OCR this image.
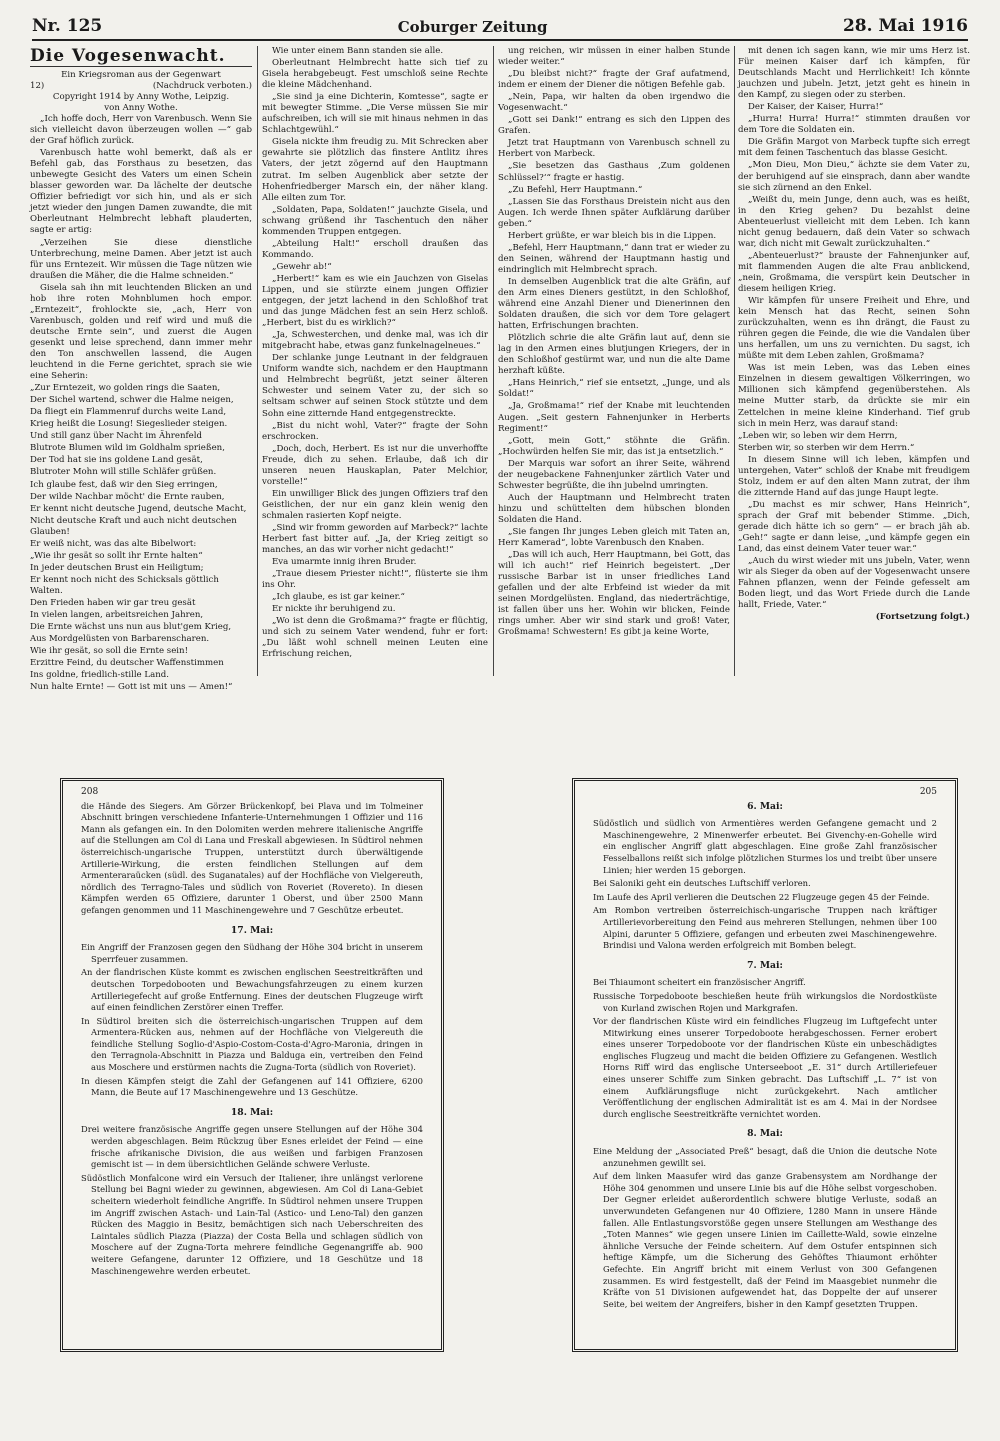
Nr. 125	Coburger Zeitung	28. Mai 1916
Die Vogesenwacht.
Ein Kriegsroman aus der Gegenwart
12)	(Nachdruck verboten.)
Copyright 1914 by Anny Wothe, Leipzig.
von Anny Wothe.

„Ich hoffe doch, Herr von Varenbusch. Wenn Sie sich vielleicht davon überzeugen wollen —“ gab der Graf höflich zurück.

Varenbusch hatte wohl bemerkt, daß als er Befehl gab, das Forsthaus zu besetzen, das unbewegte Gesicht des Vaters um einen Schein blasser geworden war. Da lächelte der deutsche Offizier befriedigt vor sich hin, und als er sich jetzt wieder den jungen Damen zuwandte, die mit Oberleutnant Helmbrecht lebhaft plauderten, sagte er artig:

„Verzeihen Sie diese dienstliche Unterbrechung, meine Damen. Aber jetzt ist auch für uns Erntezeit. Wir müssen die Tage nützen wie draußen die Mäher, die die Halme schneiden.“

Gisela sah ihn mit leuchtenden Blicken an und hob ihre roten Mohnblumen hoch empor. „Erntezeit“, frohlockte sie, „ach, Herr von Varenbusch, golden und reif wird und muß die deutsche Ernte sein“, und zuerst die Augen gesenkt und leise sprechend, dann immer mehr den Ton anschwellen lassend, die Augen leuchtend in die Ferne gerichtet, sprach sie wie eine Seherin:

„Zur Erntezeit, wo golden rings die Saaten,

Der Sichel wartend, schwer die Halme neigen,

Da fliegt ein Flammenruf durchs weite Land,

Krieg heißt die Losung! Siegeslieder steigen.

Und still ganz über Nacht im Ährenfeld

Blutrote Blumen wild im Goldhalm sprießen,

Der Tod hat sie ins goldene Land gesät,

Blutroter Mohn will stille Schläfer grüßen.

Ich glaube fest, daß wir den Sieg erringen,

Der wilde Nachbar möcht' die Ernte rauben,

Er kennt nicht deutsche Jugend, deutsche Macht,

Nicht deutsche Kraft und auch nicht deutschen Glauben!

Er weiß nicht, was das alte Bibelwort:

„Wie ihr gesät so sollt ihr Ernte halten“

In jeder deutschen Brust ein Heiligtum;

Er kennt noch nicht des Schicksals göttlich Walten.

Den Frieden haben wir gar treu gesät

In vielen langen, arbeitsreichen Jahren,

Die Ernte wächst uns nun aus blut'gem Krieg,

Aus Mordgelüsten von Barbarenscharen.

Wie ihr gesät, so soll die Ernte sein!

Erzittre Feind, du deutscher Waffenstimmen

Ins goldne, friedlich-stille Land.

Nun halte Ernte! — Gott ist mit uns — Amen!“

Wie unter einem Bann standen sie alle.

Oberleutnant Helmbrecht hatte sich tief zu Gisela herabgebeugt. Fest umschloß seine Rechte die kleine Mädchenhand.

„Sie sind ja eine Dichterin, Komtesse“, sagte er mit bewegter Stimme. „Die Verse müssen Sie mir aufschreiben, ich will sie mit hinaus nehmen in das Schlachtgewühl.“

Gisela nickte ihm freudig zu. Mit Schrecken aber gewahrte sie plötzlich das finstere Antlitz ihres Vaters, der jetzt zögernd auf den Hauptmann zutrat. Im selben Augenblick aber setzte der Hohenfriedberger Marsch ein, der näher klang. Alle eilten zum Tor.

„Soldaten, Papa, Soldaten!“ jauchzte Gisela, und schwang grüßend ihr Taschentuch den näher kommenden Truppen entgegen.

„Abteilung Halt!“ erscholl draußen das Kommando.

„Gewehr ab!“

„Herbert!“ kam es wie ein Jauchzen von Giselas Lippen, und sie stürzte einem jungen Offizier entgegen, der jetzt lachend in den Schloßhof trat und das junge Mädchen fest an sein Herz schloß. „Herbert, bist du es wirklich?“

„Ja, Schwesterchen, und denke mal, was ich dir mitgebracht habe, etwas ganz funkelnagelneues.“

Der schlanke junge Leutnant in der feldgrauen Uniform wandte sich, nachdem er den Hauptmann und Helmbrecht begrüßt, jetzt seiner älteren Schwester und seinem Vater zu, der sich so seltsam schwer auf seinen Stock stützte und dem Sohn eine zitternde Hand entgegenstreckte.

„Bist du nicht wohl, Vater?“ fragte der Sohn erschrocken.

„Doch, doch, Herbert. Es ist nur die unverhoffte Freude, dich zu sehen. Erlaube, daß ich dir unseren neuen Hauskaplan, Pater Melchior, vorstelle!“

Ein unwilliger Blick des jungen Offiziers traf den Geistlichen, der nur ein ganz klein wenig den schmalen rasierten Kopf neigte.

„Sind wir fromm geworden auf Marbeck?“ lachte Herbert fast bitter auf. „Ja, der Krieg zeitigt so manches, an das wir vorher nicht gedacht!“

Eva umarmte innig ihren Bruder.

„Traue diesem Priester nicht!“, flüsterte sie ihm ins Ohr.

„Ich glaube, es ist gar keiner.“

Er nickte ihr beruhigend zu.

„Wo ist denn die Großmama?“ fragte er flüchtig, und sich zu seinem Vater wendend, fuhr er fort: „Du läßt wohl schnell meinen Leuten eine Erfrischung reichen,

ung reichen, wir müssen in einer halben Stunde wieder weiter.“

„Du bleibst nicht?“ fragte der Graf aufatmend, indem er einem der Diener die nötigen Befehle gab.

„Nein, Papa, wir halten da oben irgendwo die Vogesenwacht.“

„Gott sei Dank!“ entrang es sich den Lippen des Grafen.

Jetzt trat Hauptmann von Varenbusch schnell zu Herbert von Marbeck.

„Sie besetzen das Gasthaus ‚Zum goldenen Schlüssel?‘“ fragte er hastig.

„Zu Befehl, Herr Hauptmann.“

„Lassen Sie das Forsthaus Dreistein nicht aus den Augen. Ich werde Ihnen später Aufklärung darüber geben.“

Herbert grüßte, er war bleich bis in die Lippen.

„Befehl, Herr Hauptmann,“ dann trat er wieder zu den Seinen, während der Hauptmann hastig und eindringlich mit Helmbrecht sprach.

In demselben Augenblick trat die alte Gräfin, auf den Arm eines Dieners gestützt, in den Schloßhof, während eine Anzahl Diener und Dienerinnen den Soldaten draußen, die sich vor dem Tore gelagert hatten, Erfrischungen brachten.

Plötzlich schrie die alte Gräfin laut auf, denn sie lag in den Armen eines blutjungen Kriegers, der in den Schloßhof gestürmt war, und nun die alte Dame herzhaft küßte.

„Hans Heinrich,“ rief sie entsetzt, „Junge, und als Soldat!“

„Ja, Großmama!“ rief der Knabe mit leuchtenden Augen. „Seit gestern Fahnenjunker in Herberts Regiment!“

„Gott, mein Gott,“ stöhnte die Gräfin. „Hochwürden helfen Sie mir, das ist ja entsetzlich.“

Der Marquis war sofort an ihrer Seite, während der neugebackene Fahnenjunker zärtlich Vater und Schwester begrüßte, die ihn jubelnd umringten.

Auch der Hauptmann und Helmbrecht traten hinzu und schüttelten dem hübschen blonden Soldaten die Hand.

„Sie fangen Ihr junges Leben gleich mit Taten an, Herr Kamerad“, lobte Varenbusch den Knaben.

„Das will ich auch, Herr Hauptmann, bei Gott, das will ich auch!“ rief Heinrich begeistert. „Der russische Barbar ist in unser friedliches Land gefallen und der alte Erbfeind ist wieder da mit seinen Mordgelüsten. England, das niederträchtige, ist fallen über uns her. Wohin wir blicken, Feinde rings umher. Aber wir sind stark und groß! Vater, Großmama! Schwestern! Es gibt ja keine Worte,

mit denen ich sagen kann, wie mir ums Herz ist. Für meinen Kaiser darf ich kämpfen, für Deutschlands Macht und Herrlichkeit! Ich könnte jauchzen und jubeln. Jetzt, jetzt geht es hinein in den Kampf, zu siegen oder zu sterben.

Der Kaiser, der Kaiser, Hurra!“

„Hurra! Hurra! Hurra!“ stimmten draußen vor dem Tore die Soldaten ein.

Die Gräfin Margot von Marbeck tupfte sich erregt mit dem feinen Taschentuch das blasse Gesicht.

„Mon Dieu, Mon Dieu,“ ächzte sie dem Vater zu, der beruhigend auf sie einsprach, dann aber wandte sie sich zürnend an den Enkel.

„Weißt du, mein Junge, denn auch, was es heißt, in den Krieg gehen? Du bezahlst deine Abenteuerlust vielleicht mit dem Leben. Ich kann nicht genug bedauern, daß dein Vater so schwach war, dich nicht mit Gewalt zurückzuhalten.“

„Abenteuerlust?“ brauste der Fahnenjunker auf, mit flammenden Augen die alte Frau anblickend, „nein, Großmama, die verspürt kein Deutscher in diesem heiligen Krieg.

Wir kämpfen für unsere Freiheit und Ehre, und kein Mensch hat das Recht, seinen Sohn zurückzuhalten, wenn es ihn drängt, die Faust zu rühren gegen die Feinde, die wie die Vandalen über uns herfallen, um uns zu vernichten. Du sagst, ich müßte mit dem Leben zahlen, Großmama?

Was ist mein Leben, was das Leben eines Einzelnen in diesem gewaltigen Völkerringen, wo Millionen sich kämpfend gegenüberstehen. Als meine Mutter starb, da drückte sie mir ein Zettelchen in meine kleine Kinderhand. Tief grub sich in mein Herz, was darauf stand:

„Leben wir, so leben wir dem Herrn,

Sterben wir, so sterben wir dem Herrn.“

In diesem Sinne will ich leben, kämpfen und untergehen, Vater“ schloß der Knabe mit freudigem Stolz, indem er auf den alten Mann zutrat, der ihm die zitternde Hand auf das junge Haupt legte.

„Du machst es mir schwer, Hans Heinrich“, sprach der Graf mit bebender Stimme. „Dich, gerade dich hätte ich so gern“ — er brach jäh ab. „Geh!“ sagte er dann leise, „und kämpfe gegen ein Land, das einst deinem Vater teuer war.“

„Auch du wirst wieder mit uns jubeln, Vater, wenn wir als Sieger da oben auf der Vogesenwacht unsere Fahnen pflanzen, wenn der Feinde gefesselt am Boden liegt, und das Wort Friede durch die Lande hallt, Friede, Vater.“

(Fortsetzung folgt.)

208
die Hände des Siegers. Am Görzer Brückenkopf, bei Plava und im Tolmeiner Abschnitt bringen verschiedene Infanterie-Unternehmungen 1 Offizier und 116 Mann als gefangen ein. In den Dolomiten werden mehrere italienische Angriffe auf die Stellungen am Col di Lana und Freskall abgewiesen. In Südtirol nehmen österreichisch-ungarische Truppen, unterstützt durch überwältigende Artillerie-Wirkung, die ersten feindlichen Stellungen auf dem Armenteraraücken (südl. des Suganatales) auf der Hochfläche von Vielgereuth, nördlich des Terragno-Tales und südlich von Roveriet (Rovereto). In diesen Kämpfen werden 65 Offiziere, darunter 1 Oberst, und über 2500 Mann gefangen genommen und 11 Maschinengewehre und 7 Geschütze erbeutet.
17. Mai:
Ein Angriff der Franzosen gegen den Südhang der Höhe 304 bricht in unserem Sperrfeuer zusammen.
An der flandrischen Küste kommt es zwischen englischen Seestreitkräften und deutschen Torpedobooten und Bewachungsfahrzeugen zu einem kurzen Artilleriegefecht auf große Entfernung. Eines der deutschen Flugzeuge wirft auf einen feindlichen Zerstörer einen Treffer.
In Südtirol breiten sich die österreichisch-ungarischen Truppen auf dem Armentera-Rücken aus, nehmen auf der Hochfläche von Vielgereuth die feindliche Stellung Soglio-d'Aspio-Costom-Costa-d'Agro-Maronia, dringen in den Terragnola-Abschnitt in Piazza und Balduga ein, vertreiben den Feind aus Moschere und erstürmen nachts die Zugna-Torta (südlich von Roveriet).
In diesen Kämpfen steigt die Zahl der Gefangenen auf 141 Offiziere, 6200 Mann, die Beute auf 17 Maschinengewehre und 13 Geschütze.
18. Mai:
Drei weitere französische Angriffe gegen unsere Stellungen auf der Höhe 304 werden abgeschlagen. Beim Rückzug über Esnes erleidet der Feind — eine frische afrikanische Division, die aus weißen und farbigen Franzosen gemischt ist — in dem übersichtlichen Gelände schwere Verluste.
Südöstlich Monfalcone wird ein Versuch der Italiener, ihre unlängst verlorene Stellung bei Bagni wieder zu gewinnen, abgewiesen. Am Col di Lana-Gebiet scheitern wiederholt feindliche Angriffe. In Südtirol nehmen unsere Truppen im Angriff zwischen Astach- und Lain-Tal (Astico- und Leno-Tal) den ganzen Rücken des Maggio in Besitz, bemächtigen sich nach Ueberschreiten des Laintales südlich Piazza (Piazza) der Costa Bella und schlagen südlich von Moschere auf der Zugna-Torta mehrere feindliche Gegenangriffe ab. 900 weitere Gefangene, darunter 12 Offiziere, und 18 Geschütze und 18 Maschinengewehre werden erbeutet.
205
6. Mai:
Südöstlich und südlich von Armentières werden Gefangene gemacht und 2 Maschinengewehre, 2 Minenwerfer erbeutet. Bei Givenchy-en-Gohelle wird ein englischer Angriff glatt abgeschlagen. Eine große Zahl französischer Fesselballons reißt sich infolge plötzlichen Sturmes los und treibt über unsere Linien; hier werden 15 geborgen.
Bei Saloniki geht ein deutsches Luftschiff verloren.
Im Laufe des April verlieren die Deutschen 22 Flugzeuge gegen 45 der Feinde.
Am Rombon vertreiben österreichisch-ungarische Truppen nach kräftiger Artillerievorbereitung den Feind aus mehreren Stellungen, nehmen über 100 Alpini, darunter 5 Offiziere, gefangen und erbeuten zwei Maschinengewehre. Brindisi und Valona werden erfolgreich mit Bomben belegt.
7. Mai:
Bei Thiaumont scheitert ein französischer Angriff.
Russische Torpedoboote beschießen heute früh wirkungslos die Nordostküste von Kurland zwischen Rojen und Markgrafen.
Vor der flandrischen Küste wird ein feindliches Flugzeug im Luftgefecht unter Mitwirkung eines unserer Torpedoboote herabgeschossen. Ferner erobert eines unserer Torpedoboote vor der flandrischen Küste ein unbeschädigtes englisches Flugzeug und macht die beiden Offiziere zu Gefangenen. Westlich Horns Riff wird das englische Unterseeboot „E. 31“ durch Artilleriefeuer eines unserer Schiffe zum Sinken gebracht. Das Luftschiff „L. 7“ ist von einem Aufklärungsfluge nicht zurückgekehrt. Nach amtlicher Veröffentlichung der englischen Admiralität ist es am 4. Mai in der Nordsee durch englische Seestreitkräfte vernichtet worden.
8. Mai:
Eine Meldung der „Associated Preß“ besagt, daß die Union die deutsche Note anzunehmen gewillt sei.
Auf dem linken Maasufer wird das ganze Grabensystem am Nordhange der Höhe 304 genommen und unsere Linie bis auf die Höhe selbst vorgeschoben. Der Gegner erleidet außerordentlich schwere blutige Verluste, sodaß an unverwundeten Gefangenen nur 40 Offiziere, 1280 Mann in unsere Hände fallen. Alle Entlastungsvorstöße gegen unsere Stellungen am Westhange des „Toten Mannes“ wie gegen unsere Linien im Caillette-Wald, sowie einzelne ähnliche Versuche der Feinde scheitern. Auf dem Ostufer entspinnen sich heftige Kämpfe, um die Sicherung des Gehöftes Thiaumont erhöhter Gefechte. Ein Angriff bricht mit einem Verlust von 300 Gefangenen zusammen. Es wird festgestellt, daß der Feind im Maasgebiet nunmehr die Kräfte von 51 Divisionen aufgewendet hat, das Doppelte der auf unserer Seite, bei weitem der Angreifers, bisher in den Kampf gesetzten Truppen.
